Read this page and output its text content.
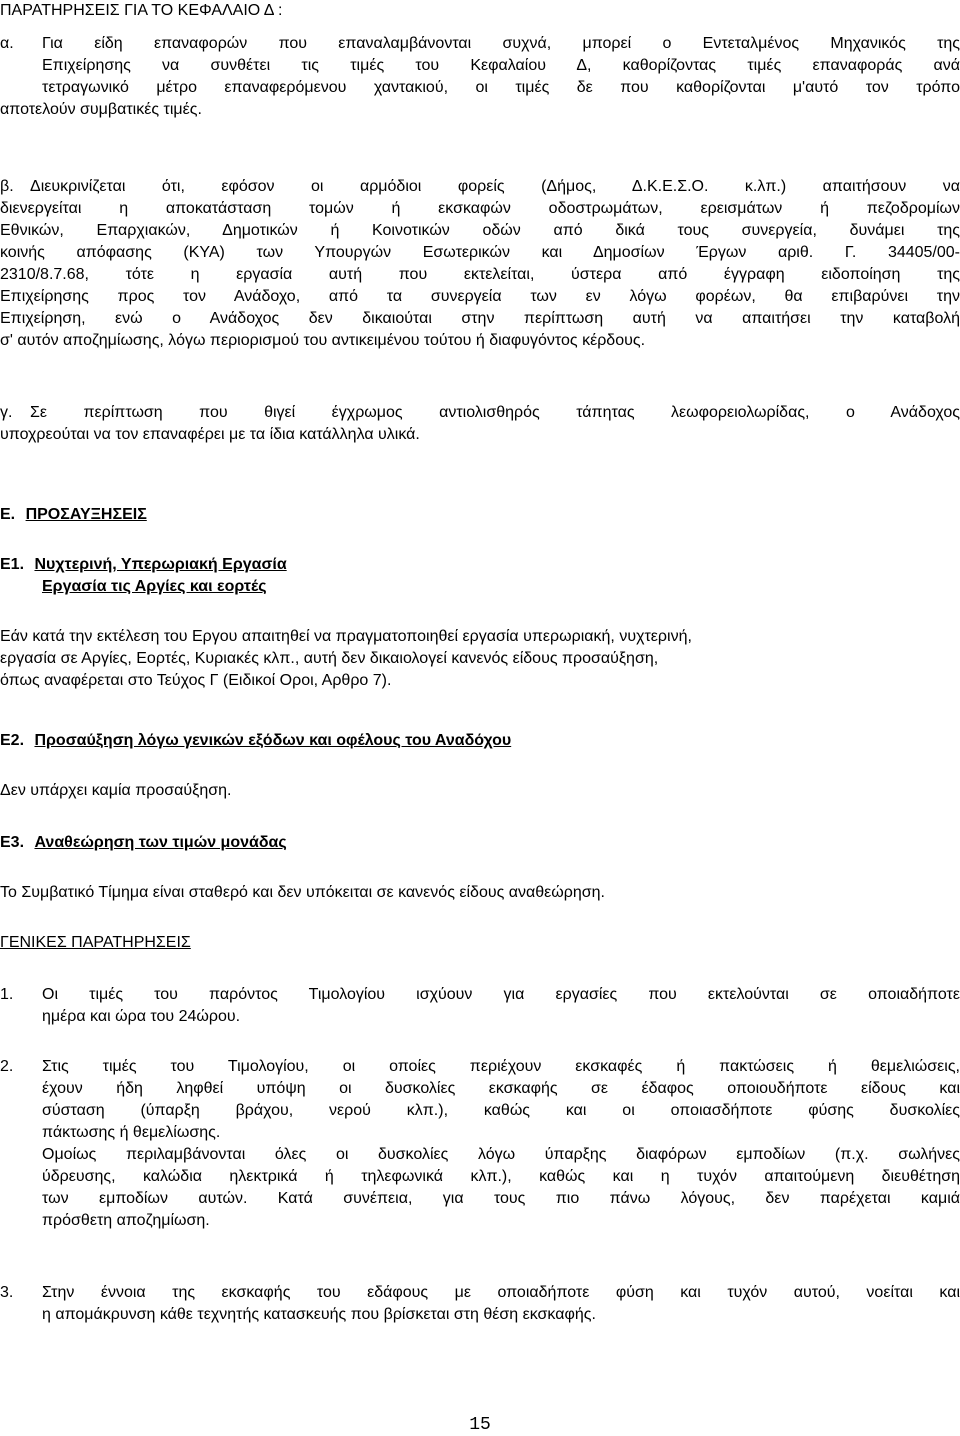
ΠΑΡΑΤΗΡΗΣΕΙΣ ΓΙΑ ΤΟ ΚΕΦΑΛΑΙΟ Δ :
α. Για είδη επαναφορών που επαναλαμβάνονται συχνά, μπορεί ο Εντεταλμένος Μηχανικός της
Επιχείρησης να συνθέτει τις τιμές του Κεφαλαίου Δ, καθορίζοντας τιμές επαναφοράς ανά
τετραγωνικό μέτρο επαναφερόμενου χαντακιού, οι τιμές δε που καθορίζονται μ'αυτό τον τρόπο
αποτελούν συμβατικές τιμές.
β. Διευκρινίζεται ότι, εφόσον οι αρμόδιοι φορείς (Δήμος, Δ.Κ.Ε.Σ.Ο. κ.λπ.) απαιτήσουν να
διενεργείται η αποκατάσταση τομών ή εκσκαφών οδοστρωμάτων, ερεισμάτων ή πεζοδρομίων
Εθνικών, Επαρχιακών, Δημοτικών ή Κοινοτικών οδών από δικά τους συνεργεία, δυνάμει της
κοινής απόφασης (ΚΥΑ) των Υπουργών Εσωτερικών και Δημοσίων Έργων αριθ. Γ. 34405/00-
2310/8.7.68, τότε η εργασία αυτή που εκτελείται, ύστερα από έγγραφη ειδοποίηση της
Επιχείρησης προς τον Ανάδοχο, από τα συνεργεία των εν λόγω φορέων, θα επιβαρύνει την
Επιχείρηση, ενώ ο Ανάδοχος δεν δικαιούται στην περίπτωση αυτή να απαιτήσει την καταβολή
σ' αυτόν αποζημίωσης, λόγω περιορισμού του αντικειμένου τούτου ή διαφυγόντος κέρδους.
γ. Σε περίπτωση που θιγεί έγχρωμος αντιολισθηρός τάπητας λεωφορειολωρίδας, ο Ανάδοχος
υποχρεούται να τον επαναφέρει με τα ίδια κατάλληλα υλικά.
Ε. ΠΡΟΣΑΥΞΗΣΕΙΣ
Ε1. Νυχτερινή, Υπερωριακή Εργασία
Εργασία τις Αργίες και εορτές
Εάν κατά την εκτέλεση του Εργου απαιτηθεί να πραγματοποιηθεί εργασία υπερωριακή, νυχτερινή,
εργασία σε Αργίες, Εορτές, Κυριακές κλπ., αυτή δεν δικαιολογεί κανενός είδους προσαύξηση,
όπως αναφέρεται στο Τεύχος Γ (Ειδικοί Οροι, Αρθρο 7).
Ε2. Προσαύξηση λόγω γενικών εξόδων και οφέλους του Αναδόχου
Δεν υπάρχει καμία προσαύξηση.
Ε3. Αναθεώρηση των τιμών μονάδας
Το Συμβατικό Τίμημα είναι σταθερό και δεν υπόκειται σε κανενός είδους αναθεώρηση.
ΓΕΝΙΚΕΣ ΠΑΡΑΤΗΡΗΣΕΙΣ
1. Οι τιμές του παρόντος Τιμολογίου ισχύουν για εργασίες που εκτελούνται σε οποιαδήποτε
ημέρα και ώρα του 24ώρου.
2. Στις τιμές του Τιμολογίου, οι οποίες περιέχουν εκσκαφές ή πακτώσεις ή θεμελιώσεις,
έχουν ήδη ληφθεί υπόψη οι δυσκολίες εκσκαφής σε έδαφος οποιουδήποτε είδους και
σύσταση (ύπαρξη βράχου, νερού κλπ.), καθώς και οι οποιασδήποτε φύσης δυσκολίες
πάκτωσης ή θεμελίωσης.
Ομοίως περιλαμβάνονται όλες οι δυσκολίες λόγω ύπαρξης διαφόρων εμποδίων (π.χ. σωλήνες
ύδρευσης, καλώδια ηλεκτρικά ή τηλεφωνικά κλπ.), καθώς και η τυχόν απαιτούμενη διευθέτηση
των εμποδίων αυτών. Κατά συνέπεια, για τους πιο πάνω λόγους, δεν παρέχεται καμιά
πρόσθετη αποζημίωση.
3. Στην έννοια της εκσκαφής του εδάφους με οποιαδήποτε φύση και τυχόν αυτού, νοείται και
η απομάκρυνση κάθε τεχνητής κατασκευής που βρίσκεται στη θέση εκσκαφής.
15
